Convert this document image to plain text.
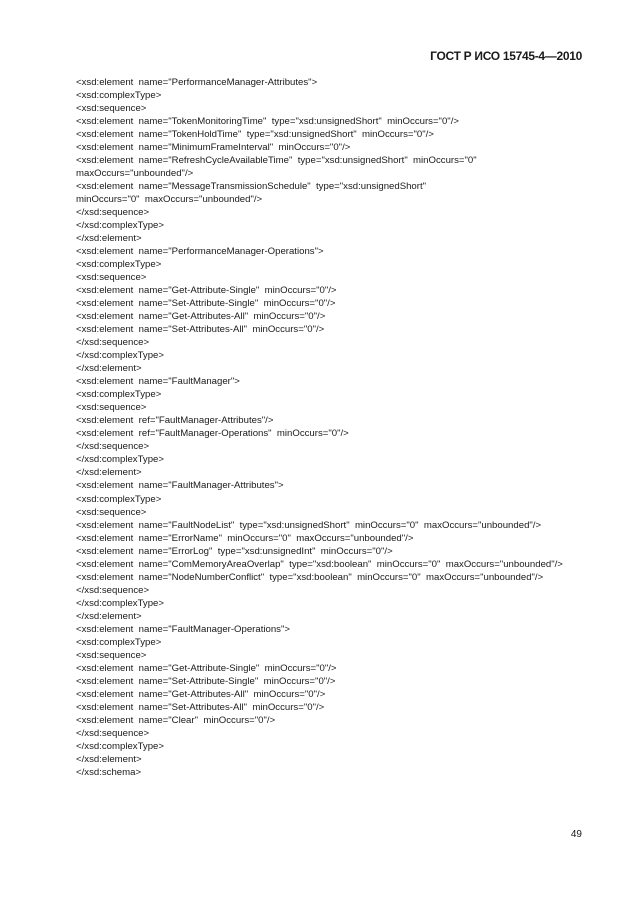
ГОСТ Р ИСО 15745-4—2010
<xsd:element  name="PerformanceManager-Attributes">
<xsd:complexType>
<xsd:sequence>
<xsd:element  name="TokenMonitoringTime"  type="xsd:unsignedShort"  minOccurs="0"/>
<xsd:element  name="TokenHoldTime"  type="xsd:unsignedShort"  minOccurs="0"/>
<xsd:element  name="MinimumFrameInterval"  minOccurs="0"/>
<xsd:element  name="RefreshCycleAvailableTime"  type="xsd:unsignedShort"  minOccurs="0"
maxOccurs="unbounded"/>
<xsd:element  name="MessageTransmissionSchedule"  type="xsd:unsignedShort"
minOccurs="0"  maxOccurs="unbounded"/>
</xsd:sequence>
</xsd:complexType>
</xsd:element>
<xsd:element  name="PerformanceManager-Operations">
<xsd:complexType>
<xsd:sequence>
<xsd:element  name="Get-Attribute-Single"  minOccurs="0"/>
<xsd:element  name="Set-Attribute-Single"  minOccurs="0"/>
<xsd:element  name="Get-Attributes-All"  minOccurs="0"/>
<xsd:element  name="Set-Attributes-All"  minOccurs="0"/>
</xsd:sequence>
</xsd:complexType>
</xsd:element>
<xsd:element  name="FaultManager">
<xsd:complexType>
<xsd:sequence>
<xsd:element  ref="FaultManager-Attributes"/>
<xsd:element  ref="FaultManager-Operations"  minOccurs="0"/>
</xsd:sequence>
</xsd:complexType>
</xsd:element>
<xsd:element  name="FaultManager-Attributes">
<xsd:complexType>
<xsd:sequence>
<xsd:element  name="FaultNodeList"  type="xsd:unsignedShort"  minOccurs="0"  maxOccurs="unbounded"/>
<xsd:element  name="ErrorName"  minOccurs="0"  maxOccurs="unbounded"/>
<xsd:element  name="ErrorLog"  type="xsd:unsignedInt"  minOccurs="0"/>
<xsd:element  name="ComMemoryAreaOverlap"  type="xsd:boolean"  minOccurs="0"  maxOccurs="unbounded"/>
<xsd:element  name="NodeNumberConflict"  type="xsd:boolean"  minOccurs="0"  maxOccurs="unbounded"/>
</xsd:sequence>
</xsd:complexType>
</xsd:element>
<xsd:element  name="FaultManager-Operations">
<xsd:complexType>
<xsd:sequence>
<xsd:element  name="Get-Attribute-Single"  minOccurs="0"/>
<xsd:element  name="Set-Attribute-Single"  minOccurs="0"/>
<xsd:element  name="Get-Attributes-All"  minOccurs="0"/>
<xsd:element  name="Set-Attributes-All"  minOccurs="0"/>
<xsd:element  name="Clear"  minOccurs="0"/>
</xsd:sequence>
</xsd:complexType>
</xsd:element>
</xsd:schema>
49
